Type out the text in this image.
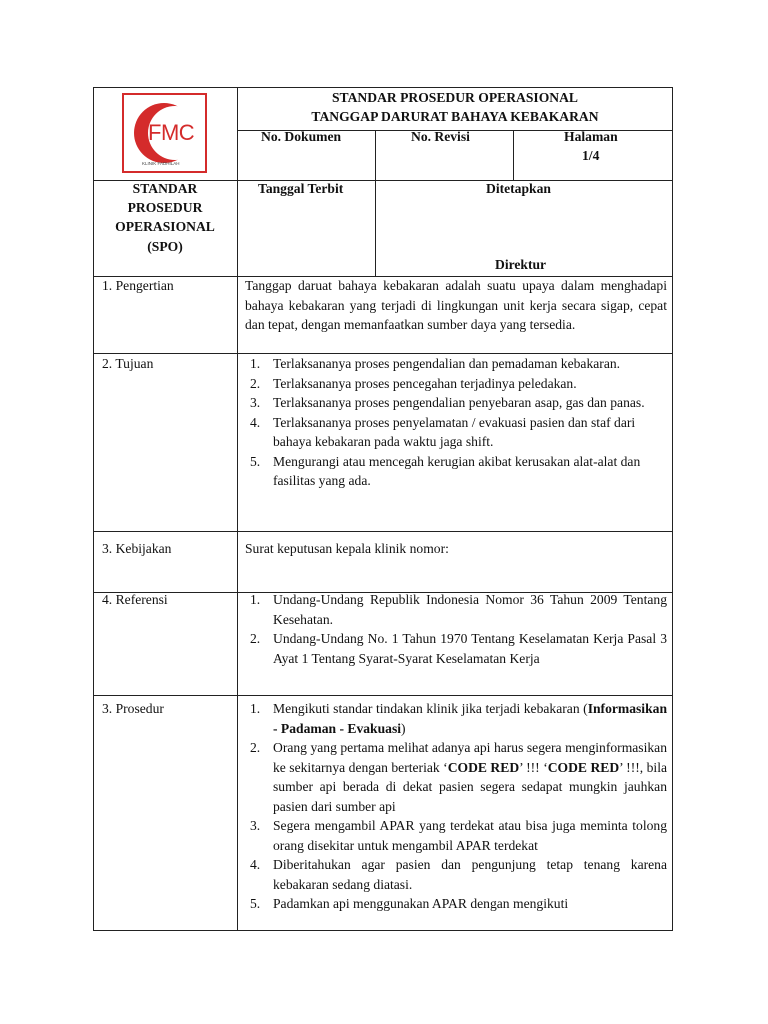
FMC
KLINIK FADHILAH
STANDAR PROSEDUR OPERASIONAL
TANGGAP DARURAT BAHAYA KEBAKARAN
No. Dokumen	No. Revisi	Halaman
1/4
STANDAR
PROSEDUR
OPERASIONAL
(SPO)
Tanggal Terbit	Ditetapkan
Direktur
1. Pengertian	Tanggap daruat bahaya kebakaran adalah suatu upaya dalam menghadapi bahaya kebakaran yang terjadi di lingkungan unit kerja secara sigap, cepat dan tepat, dengan memanfaatkan sumber daya yang tersedia.
2. Tujuan	1. Terlaksananya proses pengendalian dan pemadaman kebakaran.
2. Terlaksananya proses pencegahan terjadinya peledakan.
3. Terlaksananya proses pengendalian penyebaran asap, gas dan panas.
4. Terlaksananya proses penyelamatan / evakuasi pasien dan staf dari bahaya kebakaran pada waktu jaga shift.
5. Mengurangi atau mencegah kerugian akibat kerusakan alat-alat dan fasilitas yang ada.
3. Kebijakan	Surat keputusan kepala klinik nomor:
4. Referensi	1. Undang-Undang Republik Indonesia Nomor 36 Tahun 2009 Tentang Kesehatan.
2. Undang-Undang No. 1 Tahun 1970 Tentang Keselamatan Kerja Pasal 3 Ayat 1 Tentang Syarat-Syarat Keselamatan Kerja
3. Prosedur	1. Mengikuti standar tindakan klinik jika terjadi kebakaran (Informasikan - Padaman - Evakuasi)
2. Orang yang pertama melihat adanya api harus segera menginformasikan ke sekitarnya dengan berteriak ‘CODE RED’ !!! ‘CODE RED’ !!!, bila sumber api berada di dekat pasien segera sedapat mungkin jauhkan pasien dari sumber api
3. Segera mengambil APAR yang terdekat atau bisa juga meminta tolong orang disekitar untuk mengambil APAR terdekat
4. Diberitahukan agar pasien dan pengunjung tetap tenang karena kebakaran sedang diatasi.
5. Padamkan api menggunakan APAR dengan mengikuti
